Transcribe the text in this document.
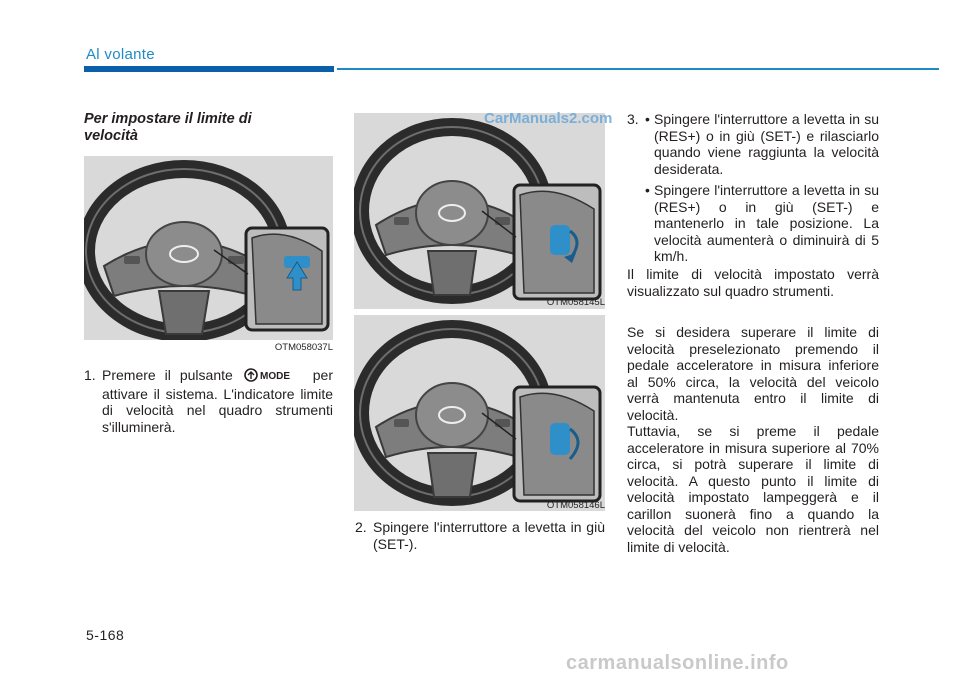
Al volante
Per impostare il limite di velocità
OTM058037L
OTM058145L
OTM058146L
1. Premere il pulsante	MODE per attivare il sistema. L'indicatore limite di velocità nel quadro strumenti s'illuminerà.
2. Spingere l'interruttore a levetta in giù (SET-).
3. • Spingere l'interruttore a levetta in su (RES+) o in giù (SET-) e rilasciarlo quando viene raggiunta la velocità desiderata.
• Spingere l'interruttore a levetta in su (RES+) o in giù (SET-) e mantenerlo in tale posizione. La velocità aumenterà o diminuirà di 5 km/h.
Il limite di velocità impostato verrà visualizzato sul quadro strumenti.
Se si desidera superare il limite di velocità preselezionato premendo il pedale acceleratore in misura inferiore al 50% circa, la velocità del veicolo verrà mantenuta entro il limite di velocità.
Tuttavia, se si preme il pedale acceleratore in misura superiore al 70% circa, si potrà superare il limite di velocità. A questo punto il limite di velocità impostato lampeggerà e il carillon suonerà fino a quando la velocità del veicolo non rientrerà nel limite di velocità.
5-168
CarManuals2.com
carmanualsonline.info
